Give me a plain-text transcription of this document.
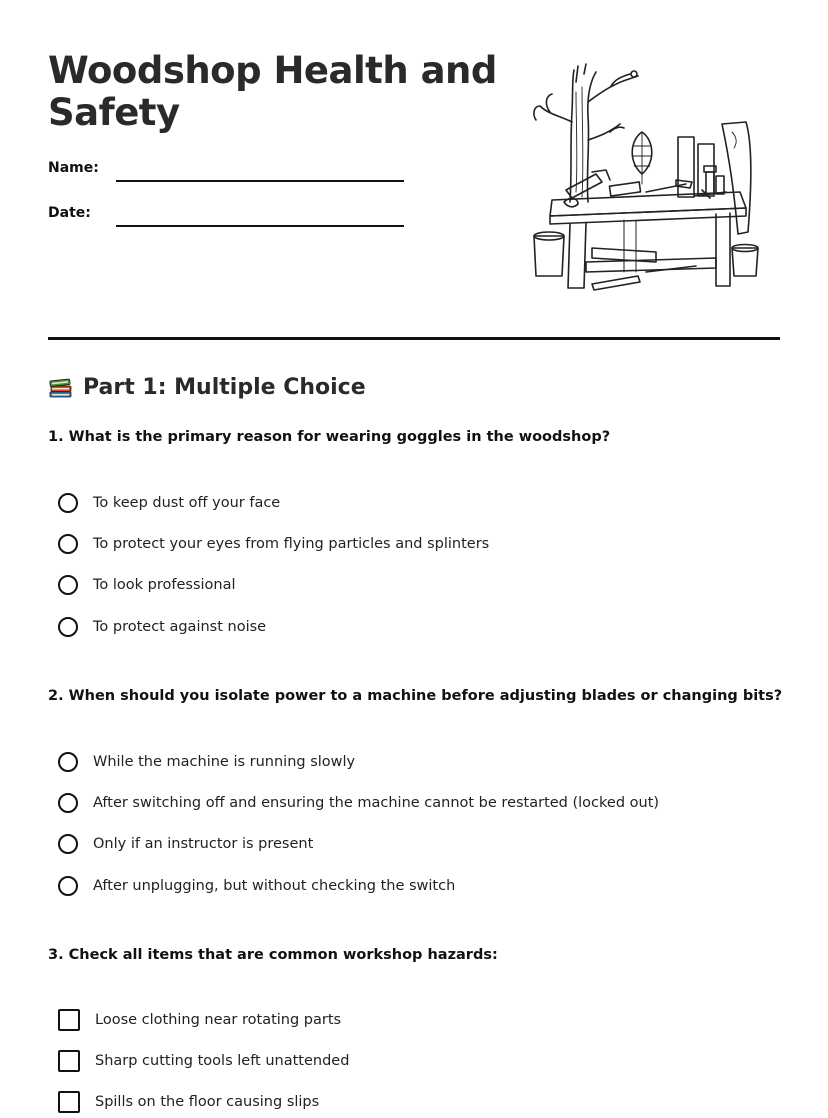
Woodshop Health and Safety
Name:
Date:
Part 1: Multiple Choice
1. What is the primary reason for wearing goggles in the woodshop?
To keep dust off your face
To protect your eyes from flying particles and splinters
To look professional
To protect against noise
2. When should you isolate power to a machine before adjusting blades or changing bits?
While the machine is running slowly
After switching off and ensuring the machine cannot be restarted (locked out)
Only if an instructor is present
After unplugging, but without checking the switch
3. Check all items that are common workshop hazards:
Loose clothing near rotating parts
Sharp cutting tools left unattended
Spills on the floor causing slips
